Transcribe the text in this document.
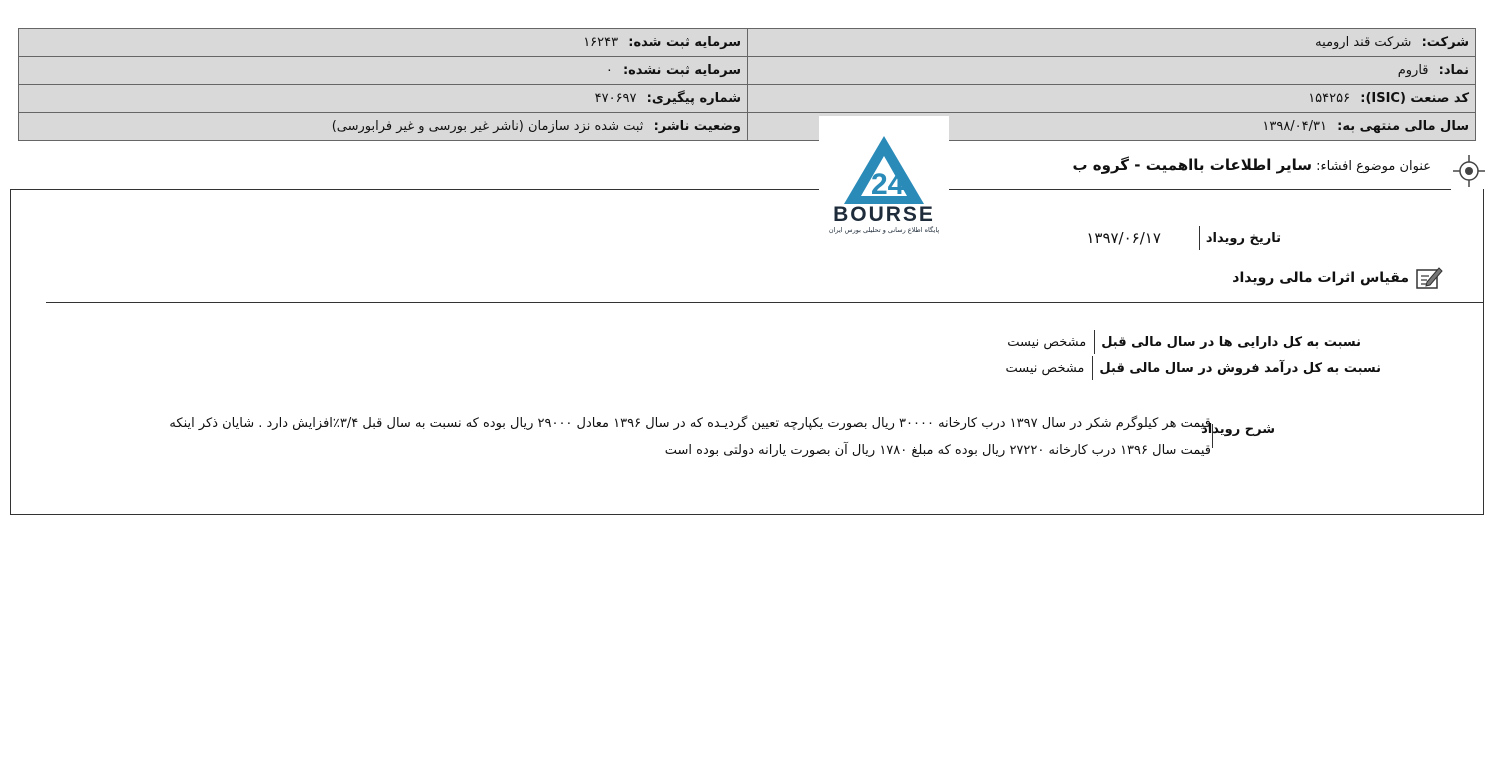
شرکت: شرکت قند ارومیه	سرمایه ثبت شده: ۱۶۲۴۳
نماد: قاروم	سرمایه ثبت نشده: ۰
کد صنعت (ISIC): ۱۵۴۲۵۶	شماره پیگیری: ۴۷۰۶۹۷
سال مالی منتهی به: ۱۳۹۸/۰۴/۳۱	وضعیت ناشر: ثبت شده نزد سازمان (ناشر غیر بورسی و غیر فرابورسی)
24
BOURSE
پایگاه اطلاع رسانی و تحلیلی بورس ایران
عنوان موضوع افشاء: سایر اطلاعات بااهمیت - گروه ب
تاریخ رویداد
۱۳۹۷/۰۶/۱۷
مقیاس اثرات مالی رویداد
نسبت به کل دارایی ها در سال مالی قبل
مشخص نیست
نسبت به کل درآمد فروش در سال مالی قبل
مشخص نیست
شرح رویداد
قیمت هر کیلوگرم شکر در سال ۱۳۹۷ درب کارخانه ۳۰۰۰۰ ریال بصورت یکپارچه تعیین گردیـده که در سال ۱۳۹۶ معادل ۲۹۰۰۰ ریال بوده که نسبت به سال قبل ۳/۴٪افزایش دارد . شایان ذکر اینکه
قیمت سال ۱۳۹۶ درب کارخانه ۲۷۲۲۰ ریال بوده که مبلغ ۱۷۸۰ ریال آن بصورت یارانه دولتی بوده است
